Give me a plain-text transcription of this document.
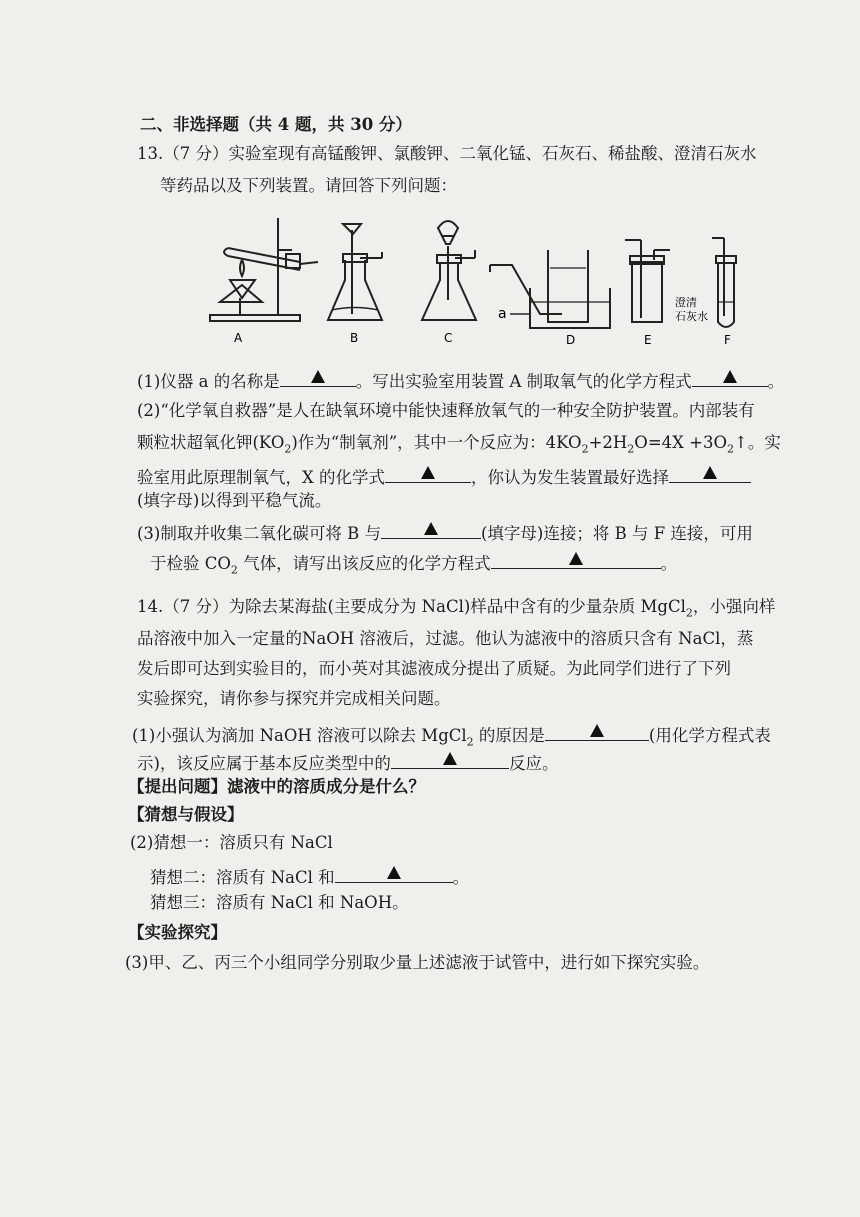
二、非选择题（共 4 题，共 30 分）
13.（7 分）实验室现有高锰酸钾、氯酸钾、二氧化锰、石灰石、稀盐酸、澄清石灰水
等药品以及下列装置。请回答下列问题：
A	B	C	D	E	F
a
澄清
石灰水
(1)仪器 a 的名称是	。写出实验室用装置 A 制取氧气的化学方程式	。
(2)“化学氧自救器”是人在缺氧环境中能快速释放氧气的一种安全防护装置。内部装有
颗粒状超氧化钾$(KO_2)$作为“制氧剂”，其中一个反应为：$4KO_2+2H_2O=4X$ $+3O_2↑$。实
验室用此原理制氧气，X 的化学式	，你认为发生装置最好选择
(填字母)以得到平稳气流。
(3)制取并收集二氧化碳可将 B 与	(填字母)连接；将 B 与 F 连接，可用
于检验 $CO_2$ 气体，请写出该反应的化学方程式	。
14.（7 分）为除去某海盐(主要成分为 NaCl)样品中含有的少量杂质 MgCl$_2$，小强向样
品溶液中加入一定量的NaOH 溶液后，过滤。他认为滤液中的溶质只含有 NaCl，蒸
发后即可达到实验目的，而小英对其滤液成分提出了质疑。为此同学们进行了下列
实验探究，请你参与探究并完成相关问题。
(1)小强认为滴加 NaOH 溶液可以除去 MgCl$_2$ 的原因是	(用化学方程式表
示)，该反应属于基本反应类型中的	反应。
【提出问题】滤液中的溶质成分是什么？
【猜想与假设】
(2)猜想一：溶质只有 NaCl
猜想二：溶质有 NaCl 和	。
猜想三：溶质有 NaCl 和 NaOH。
【实验探究】
(3)甲、乙、丙三个小组同学分别取少量上述滤液于试管中，进行如下探究实验。
